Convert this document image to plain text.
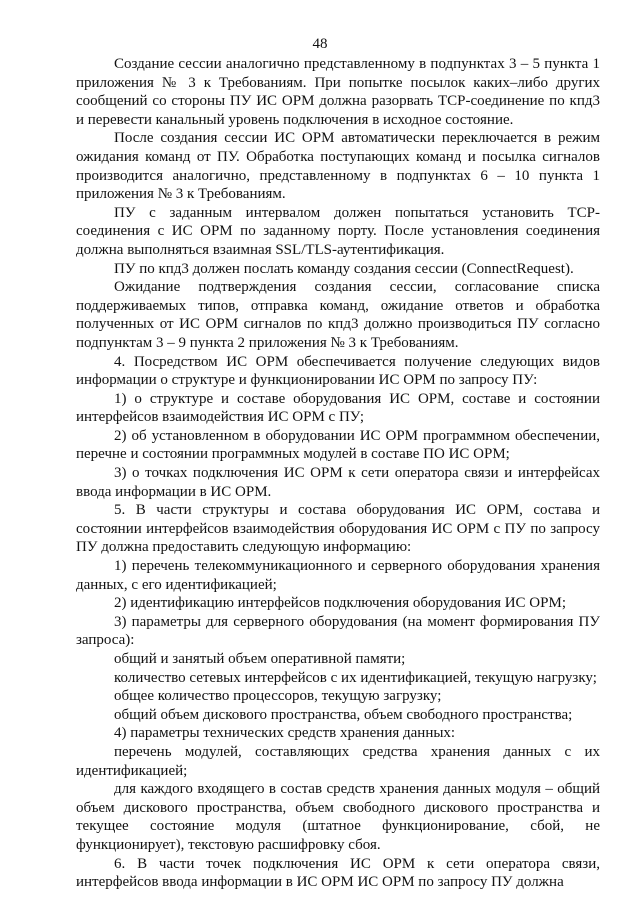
48

Создание сессии аналогично представленному в подпунктах 3 – 5 пункта 1 приложения № 3 к Требованиям. При попытке посылок каких–либо других сообщений со стороны ПУ ИС ОРМ должна разорвать TCP-соединение по кпд3 и перевести канальный уровень подключения в исходное состояние.

После создания сессии ИС ОРМ автоматически переключается в режим ожидания команд от ПУ. Обработка поступающих команд и посылка сигналов производится аналогично, представленному в подпунктах 6 – 10 пункта 1 приложения № 3 к Требованиям.

ПУ с заданным интервалом должен попытаться установить TCP-соединения с ИС ОРМ по заданному порту. После установления соединения должна выполняться взаимная SSL/TLS-аутентификация.

ПУ по кпд3 должен послать команду создания сессии (ConnectRequest).

Ожидание подтверждения создания сессии, согласование списка поддерживаемых типов, отправка команд, ожидание ответов и обработка полученных от ИС ОРМ сигналов по кпд3 должно производиться ПУ согласно подпунктам 3 – 9 пункта 2 приложения № 3 к Требованиям.

4. Посредством ИС ОРМ обеспечивается получение следующих видов информации о структуре и функционировании ИС ОРМ по запросу ПУ:

1) о структуре и составе оборудования ИС ОРМ, составе и состоянии интерфейсов взаимодействия ИС ОРМ с ПУ;

2) об установленном в оборудовании ИС ОРМ программном обеспечении, перечне и состоянии программных модулей в составе ПО ИС ОРМ;

3) о точках подключения ИС ОРМ к сети оператора связи и интерфейсах ввода информации в ИС ОРМ.

5. В части структуры и состава оборудования ИС ОРМ, состава и состоянии интерфейсов взаимодействия оборудования ИС ОРМ с ПУ по запросу ПУ должна предоставить следующую информацию:

1) перечень телекоммуникационного и серверного оборудования хранения данных, с его идентификацией;

2) идентификацию интерфейсов подключения оборудования ИС ОРМ;

3) параметры для серверного оборудования (на момент формирования ПУ запроса):

общий и занятый объем оперативной памяти;

количество сетевых интерфейсов с их идентификацией, текущую нагрузку;

общее количество процессоров, текущую загрузку;

общий объем дискового пространства, объем свободного пространства;

4) параметры технических средств хранения данных:

перечень модулей, составляющих средства хранения данных с их идентификацией;

для каждого входящего в состав средств хранения данных модуля – общий объем дискового пространства, объем свободного дискового пространства и текущее состояние модуля (штатное функционирование, сбой, не функционирует), текстовую расшифровку сбоя.

6. В части точек подключения ИС ОРМ к сети оператора связи, интерфейсов ввода информации в ИС ОРМ ИС ОРМ по запросу ПУ должна
